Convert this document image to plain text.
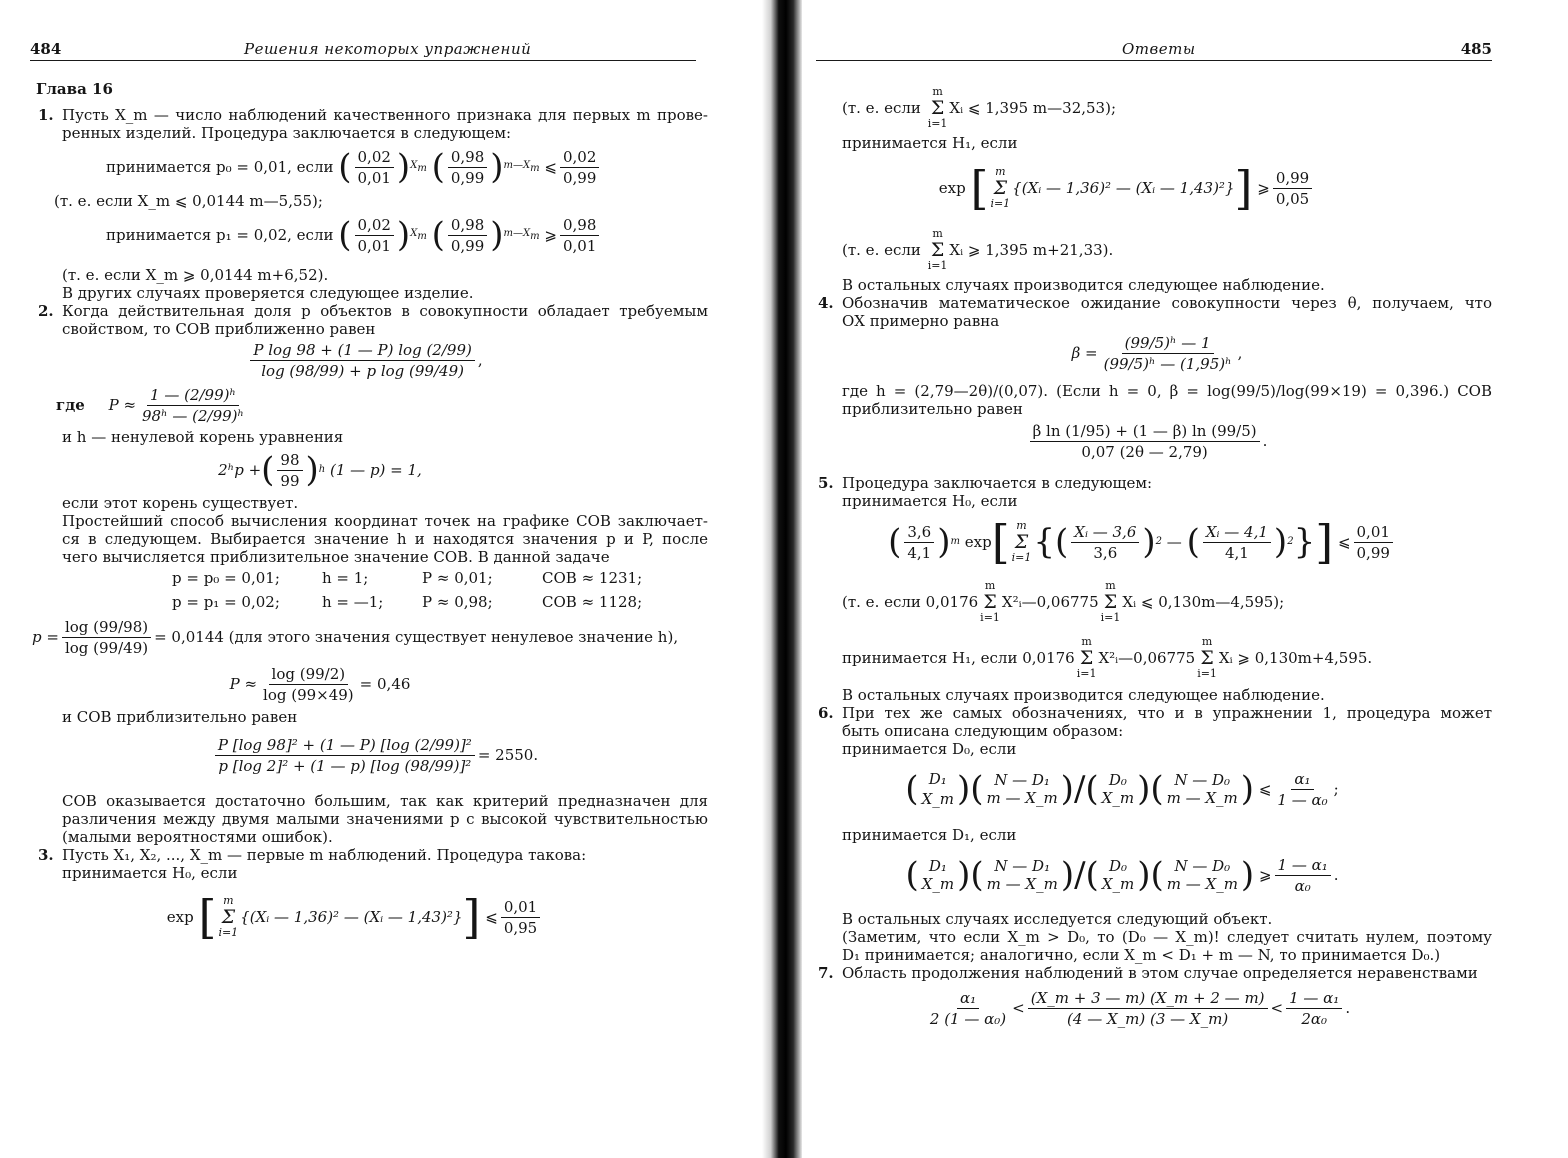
484	Решения некоторых упражнений
Глава 16
1. Пусть X_m — число наблюдений качественного признака для первых m прове-
ренных изделий. Процедура заключается в следующем:
принимается p₀ = 0,01, если
( $\frac{0,02}{0,01}$ ) $X_m$
( $\frac{0,98}{0,99}$ ) $m—X_m$
⩽ $\frac{0,02}{0,99}$
(т. е. если X_m ⩽ 0,0144 m—5,55);
принимается p₁ = 0,02, если
( $\frac{0,02}{0,01}$ ) $X_m$
( $\frac{0,98}{0,99}$ ) $m—X_m$
⩾ $\frac{0,98}{0,01}$
(т. е. если X_m ⩾ 0,0144 m+6,52).
В других случаях проверяется следующее изделие.
2. Когда действительная доля p объектов в совокупности обладает требуемым
свойством, то СОВ приближенно равен
$\frac{\text{P log 98 + (1 — P) log (2/99)}}{\text{log (98/99) + p log (99/49)}}$ ,
где
$P \approx \frac{\text{1 — (2/99)ʰ}}{\text{98ʰ — (2/99)ʰ}}$
и h — ненулевой корень уравнения
2ʰp + ( $\frac{98}{99}$ ) h
(1 — p) = 1,
если этот корень существует.
Простейший способ вычисления координат точек на графике СОВ заключает-
ся в следующем. Выбирается значение h и находятся значения p и P, после
чего вычисляется приблизительное значение СОВ. В данной задаче
p = p₀ = 0,01;	h = 1;	P ≈ 0,01;	СОВ ≈ 1231;
p = p₁ = 0,02;	h = —1;	P ≈ 0,98;	СОВ ≈ 1128;
$p = \frac{\log (99/98)}{\log (99/49)} = 0,0144$ (для этого значения существует ненулевое значение h),
$P \approx \frac{\log (99/2)}{\log (99\times 49)} = 0,46$
и СОВ приблизительно равен
$\frac{\text{P [log 98]² + (1 — P) [log (2/99)]²}}{\text{p [log 2]² + (1 — p) [log (98/99)]²}} = 2550$.
СОВ оказывается достаточно большим, так как критерий предназначен для
различения между двумя малыми значениями p с высокой чувствительностью
(малыми вероятностями ошибок).
3. Пусть X₁, X₂, ..., X_m — первые m наблюдений. Процедура такова:
принимается H₀, если
exp [ m
Σ
i=1
{(Xᵢ — 1,36)² — (Xᵢ — 1,43)²} ]
⩽ $\frac{0,01}{0,95}$
Ответы	485
(т. е. если

m
Σ
i=1
Xᵢ ⩽ 1,395 m—32,53);
принимается H₁, если
exp [ m
Σ
i=1
{(Xᵢ — 1,36)² — (Xᵢ — 1,43)²} ]
⩾ $\frac{0,99}{0,05}$
(т. е. если

m
Σ
i=1
Xᵢ ⩾ 1,395 m+21,33).
В остальных случаях производится следующее наблюдение.
4. Обозначив математическое ожидание совокупности через θ, получаем, что
ОХ примерно равна
$\beta = \frac{\text{(99/5)ʰ — 1}}{\text{(99/5)ʰ — (1,95)ʰ}}$ ,
где h = (2,79—2θ)/(0,07). (Если h = 0, β = log(99/5)/log(99×19) = 0,396.) СОВ
приблизительно равен
$\frac{\text{β ln (1/95) + (1 — β) ln (99/5)}}{0,07 (2\theta — 2,79)}$ .
5. Процедура заключается в следующем:
принимается H₀, если
( $\frac{3,6}{4,1}$ ) m
exp [ m
Σ
i=1 { ( $\frac{\text{Xᵢ — 3,6}}{3,6}$ ) 2 — ( $\frac{\text{Xᵢ — 4,1}}{4,1}$ ) 2 } ]
⩽ $\frac{0,01}{0,99}$
(т. е. если 0,0176
m
Σ
i=1
X²ᵢ—0,06775
m
Σ
i=1
Xᵢ ⩽ 0,130m—4,595);
принимается H₁, если 0,0176
m
Σ
i=1
X²ᵢ—0,06775
m
Σ
i=1
Xᵢ ⩾ 0,130m+4,595.
В остальных случаях производится следующее наблюдение.
6. При тех же самых обозначениях, что и в упражнении 1, процедура может
быть описана следующим образом:
принимается D₀, если
( D₁
X_m ) ( N — D₁
m — X_m ) / ( D₀
X_m ) ( N — D₀
m — X_m ) ⩽ $\frac{\text{α₁}}{\text{1 — α₀}}$ ;
принимается D₁, если
( D₁
X_m ) ( N — D₁
m — X_m ) / ( D₀
X_m ) ( N — D₀
m — X_m ) ⩾ $\frac{\text{1 — α₁}}{\text{α₀}}$ .
В остальных случаях исследуется следующий объект.
(Заметим, что если X_m > D₀, то (D₀ — X_m)! следует считать нулем, поэтому
D₁ принимается; аналогично, если X_m < D₁ + m — N, то принимается D₀.)
7. Область продолжения наблюдений в этом случае определяется неравенствами
$\frac{\text{α₁}}{\text{2 (1 — α₀)}} < \frac{(X\_m + 3 — m) (X\_m + 2 — m)}{(4 — X\_m) (3 — X\_m)} < \frac{\text{1 — α₁}}{\text{2α₀}}$ .
